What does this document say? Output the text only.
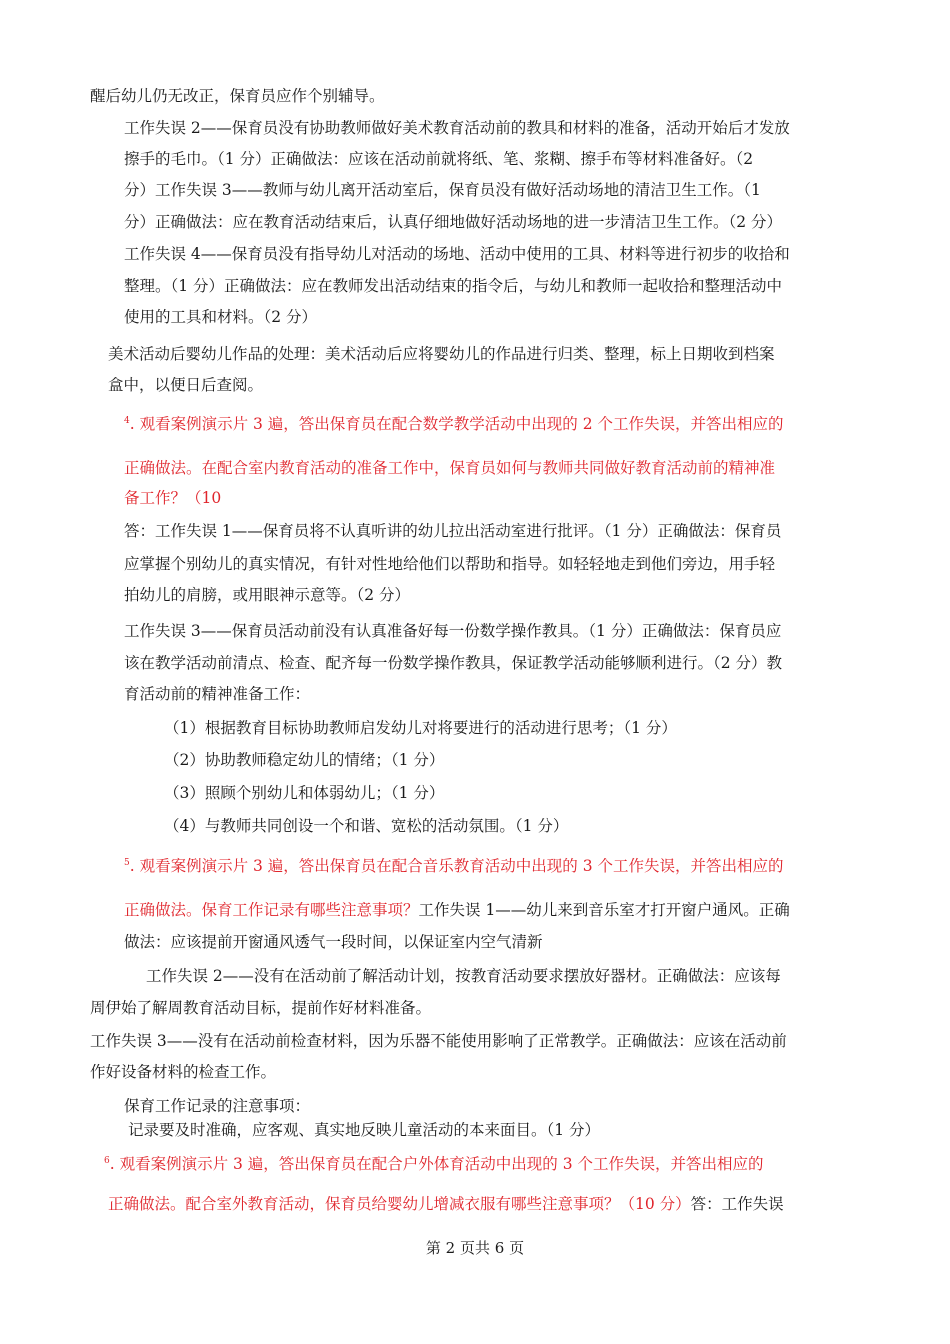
醒后幼儿仍无改正，保育员应作个别辅导。
工作失误 2——保育员没有协助教师做好美术教育活动前的教具和材料的准备，活动开始后才发放
擦手的毛巾。（1 分）正确做法：应该在活动前就将纸、笔、浆糊、擦手布等材料准备好。（2
分）工作失误 3——教师与幼儿离开活动室后，保育员没有做好活动场地的清洁卫生工作。（1
分）正确做法：应在教育活动结束后，认真仔细地做好活动场地的进一步清洁卫生工作。（2 分）
工作失误 4——保育员没有指导幼儿对活动的场地、活动中使用的工具、材料等进行初步的收拾和
整理。（1 分）正确做法：应在教师发出活动结束的指令后，与幼儿和教师一起收拾和整理活动中
使用的工具和材料。（2 分）
美术活动后婴幼儿作品的处理：美术活动后应将婴幼儿的作品进行归类、整理，标上日期收到档案
盒中，以便日后查阅。
$^4$. 观看案例演示片 3 遍，答出保育员在配合数学教学活动中出现的 2 个工作失误，并答出相应的
正确做法。在配合室内教育活动的准备工作中，保育员如何与教师共同做好教育活动前的精神准
备工作？（10
答：工作失误 1——保育员将不认真听讲的幼儿拉出活动室进行批评。（1 分）正确做法：保育员
应掌握个别幼儿的真实情况，有针对性地给他们以帮助和指导。如轻轻地走到他们旁边，用手轻
拍幼儿的肩膀，或用眼神示意等。（2 分）
工作失误 3——保育员活动前没有认真准备好每一份数学操作教具。（1 分）正确做法：保育员应
该在教学活动前清点、检查、配齐每一份数学操作教具，保证教学活动能够顺利进行。（2 分）教
育活动前的精神准备工作：
（1）根据教育目标协助教师启发幼儿对将要进行的活动进行思考；（1 分）
（2）协助教师稳定幼儿的情绪；（1 分）
（3）照顾个别幼儿和体弱幼儿；（1 分）
（4）与教师共同创设一个和谐、宽松的活动氛围。（1 分）
$^5$. 观看案例演示片 3 遍，答出保育员在配合音乐教育活动中出现的 3 个工作失误，并答出相应的
正确做法。保育工作记录有哪些注意事项？工作失误 1——幼儿来到音乐室才打开窗户通风。正确
做法：应该提前开窗通风透气一段时间，以保证室内空气清新
工作失误 2——没有在活动前了解活动计划，按教育活动要求摆放好器材。正确做法：应该每
周伊始了解周教育活动目标，提前作好材料准备。
工作失误 3——没有在活动前检查材料，因为乐器不能使用影响了正常教学。正确做法：应该在活动前
作好设备材料的检查工作。
保育工作记录的注意事项：
记录要及时准确，应客观、真实地反映儿童活动的本来面目。（1 分）
$^6$. 观看案例演示片 3 遍，答出保育员在配合户外体育活动中出现的 3 个工作失误，并答出相应的
正确做法。配合室外教育活动，保育员给婴幼儿增减衣服有哪些注意事项？（10 分）答：工作失误
第 2 页共 6 页
